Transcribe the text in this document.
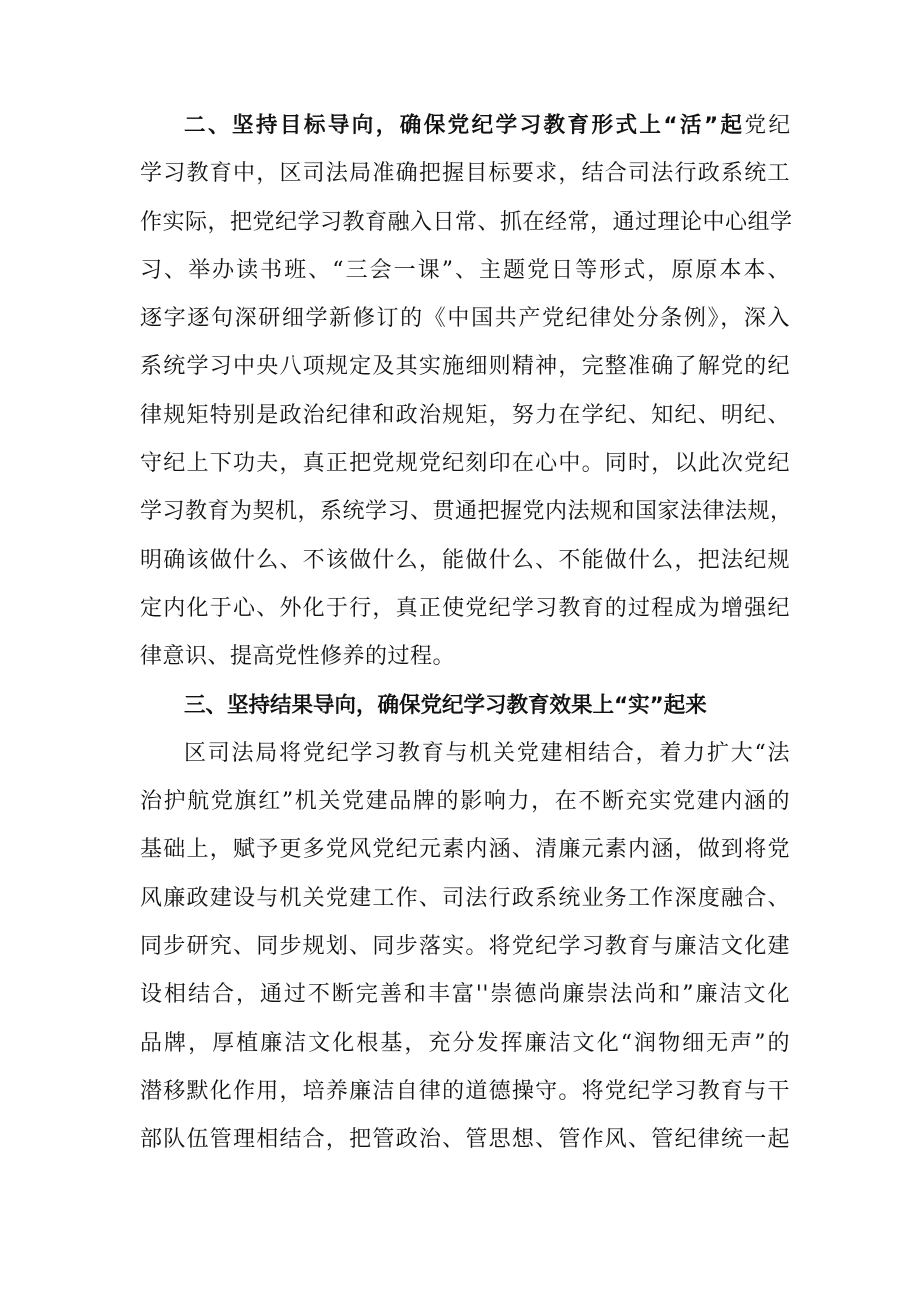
二、坚持目标导向，确保党纪学习教育形式上“活”起党纪
学习教育中，区司法局准确把握目标要求，结合司法行政系统工
作实际，把党纪学习教育融入日常、抓在经常，通过理论中心组学
习、举办读书班、“三会一课”、主题党日等形式，原原本本、
逐字逐句深研细学新修订的《中国共产党纪律处分条例》，深入
系统学习中央八项规定及其实施细则精神，完整准确了解党的纪
律规矩特别是政治纪律和政治规矩，努力在学纪、知纪、明纪、
守纪上下功夫，真正把党规党纪刻印在心中。同时，以此次党纪
学习教育为契机，系统学习、贯通把握党内法规和国家法律法规，
明确该做什么、不该做什么，能做什么、不能做什么，把法纪规
定内化于心、外化于行，真正使党纪学习教育的过程成为增强纪
律意识、提高党性修养的过程。
三、坚持结果导向，确保党纪学习教育效果上“实”起来
区司法局将党纪学习教育与机关党建相结合，着力扩大“法
治护航党旗红”机关党建品牌的影响力，在不断充实党建内涵的
基础上，赋予更多党风党纪元素内涵、清廉元素内涵，做到将党
风廉政建设与机关党建工作、司法行政系统业务工作深度融合、
同步研究、同步规划、同步落实。将党纪学习教育与廉洁文化建
设相结合，通过不断完善和丰富''崇德尚廉崇法尚和”廉洁文化
品牌，厚植廉洁文化根基，充分发挥廉洁文化“润物细无声”的
潜移默化作用，培养廉洁自律的道德操守。将党纪学习教育与干
部队伍管理相结合，把管政治、管思想、管作风、管纪律统一起
